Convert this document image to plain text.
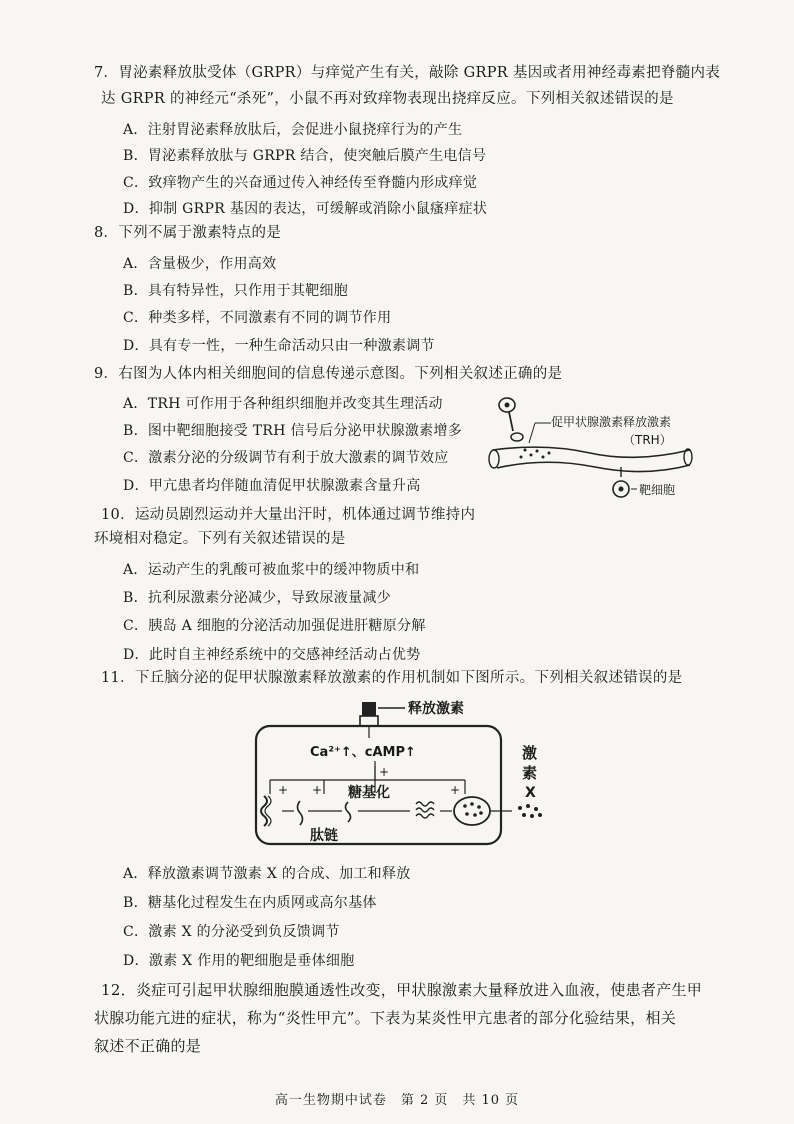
7．胃泌素释放肽受体（GRPR）与痒觉产生有关，敲除 GRPR 基因或者用神经毒素把脊髓内表
达 GRPR 的神经元“杀死”，小鼠不再对致痒物表现出挠痒反应。下列相关叙述错误的是
A．注射胃泌素释放肽后，会促进小鼠挠痒行为的产生
B．胃泌素释放肽与 GRPR 结合，使突触后膜产生电信号
C．致痒物产生的兴奋通过传入神经传至脊髓内形成痒觉
D．抑制 GRPR 基因的表达，可缓解或消除小鼠瘙痒症状
8．下列不属于激素特点的是
A．含量极少，作用高效
B．具有特异性，只作用于其靶细胞
C．种类多样，不同激素有不同的调节作用
D．具有专一性，一种生命活动只由一种激素调节
9．右图为人体内相关细胞间的信息传递示意图。下列相关叙述正确的是
A．TRH 可作用于各种组织细胞并改变其生理活动
B．图中靶细胞接受 TRH 信号后分泌甲状腺激素增多
C．激素分泌的分级调节有利于放大激素的调节效应
D．甲亢患者均伴随血清促甲状腺激素含量升高
促甲状腺激素释放激素
（TRH）
靶细胞
10．运动员剧烈运动并大量出汗时，机体通过调节维持内
环境相对稳定。下列有关叙述错误的是
A．运动产生的乳酸可被血浆中的缓冲物质中和
B．抗利尿激素分泌减少，导致尿液量减少
C．胰岛 A 细胞的分泌活动加强促进肝糖原分解
D．此时自主神经系统中的交感神经活动占优势
11．下丘脑分泌的促甲状腺激素释放激素的作用机制如下图所示。下列相关叙述错误的是
释放激素
Ca²⁺↑、cAMP↑
+ +
+
+
糖基化
肽链
激
素
X
A．释放激素调节激素 X 的合成、加工和释放
B．糖基化过程发生在内质网或高尔基体
C．激素 X 的分泌受到负反馈调节
D．激素 X 作用的靶细胞是垂体细胞
12．炎症可引起甲状腺细胞膜通透性改变，甲状腺激素大量释放进入血液，使患者产生甲
状腺功能亢进的症状，称为“炎性甲亢”。下表为某炎性甲亢患者的部分化验结果，相关
叙述不正确的是
高一生物期中试卷　第 2 页　共 10 页
